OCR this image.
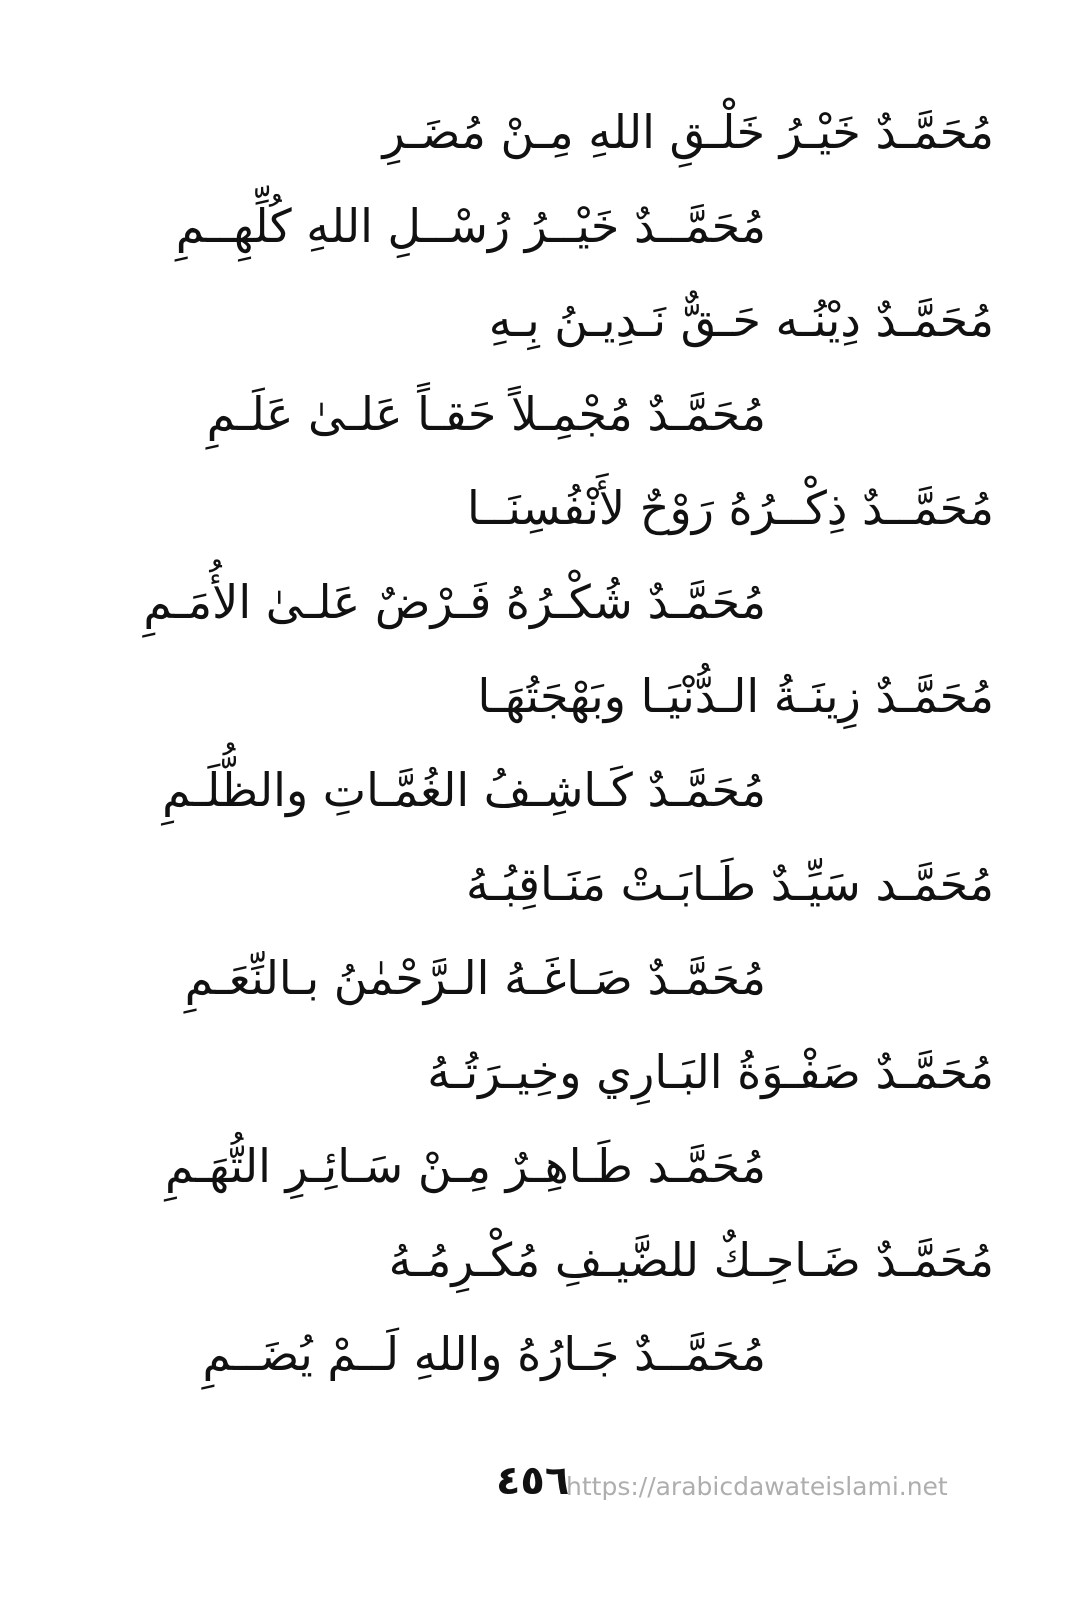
مُحَمَّـدٌ خَيْـرُ خَلْـقِ اللهِ مِـنْ مُضَـرِ
مُحَمَّــدٌ خَيْــرُ رُسْــلِ اللهِ كُلِّهِــمِ
مُحَمَّـدٌ دِيْنُـه حَـقٌّ نَـدِيـنُ بِـهِ
مُحَمَّـدٌ مُجْمِـلاً حَقـاً عَلـىٰ عَلَـمِ
مُحَمَّــدٌ ذِكْــرُهُ رَوْحٌ لأَنْفُسِنَــا
مُحَمَّـدٌ شُكْـرُهُ فَـرْضٌ عَلـىٰ الأُمَـمِ
مُحَمَّـدٌ زِينَـةُ الـدُّنْيَـا وبَهْجَتُهَـا
مُحَمَّـدٌ كَـاشِـفُ الغُمَّـاتِ والظُّلَـمِ
مُحَمَّـد سَيِّـدٌ طَـابَـتْ مَنَـاقِبُـهُ
مُحَمَّـدٌ صَـاغَـهُ الـرَّحْمٰنُ بـالنِّعَـمِ
مُحَمَّـدٌ صَفْـوَةُ البَـارِي وخِيـرَتُـهُ
مُحَمَّـد طَـاهِـرٌ مِـنْ سَـائِـرِ التُّهَـمِ
مُحَمَّـدٌ ضَـاحِـكٌ للضَّيـفِ مُكْـرِمُـهُ
مُحَمَّــدٌ جَـارُهُ واللهِ لَــمْ يُضَــمِ
٤٥٦
https://arabicdawateislami.net
